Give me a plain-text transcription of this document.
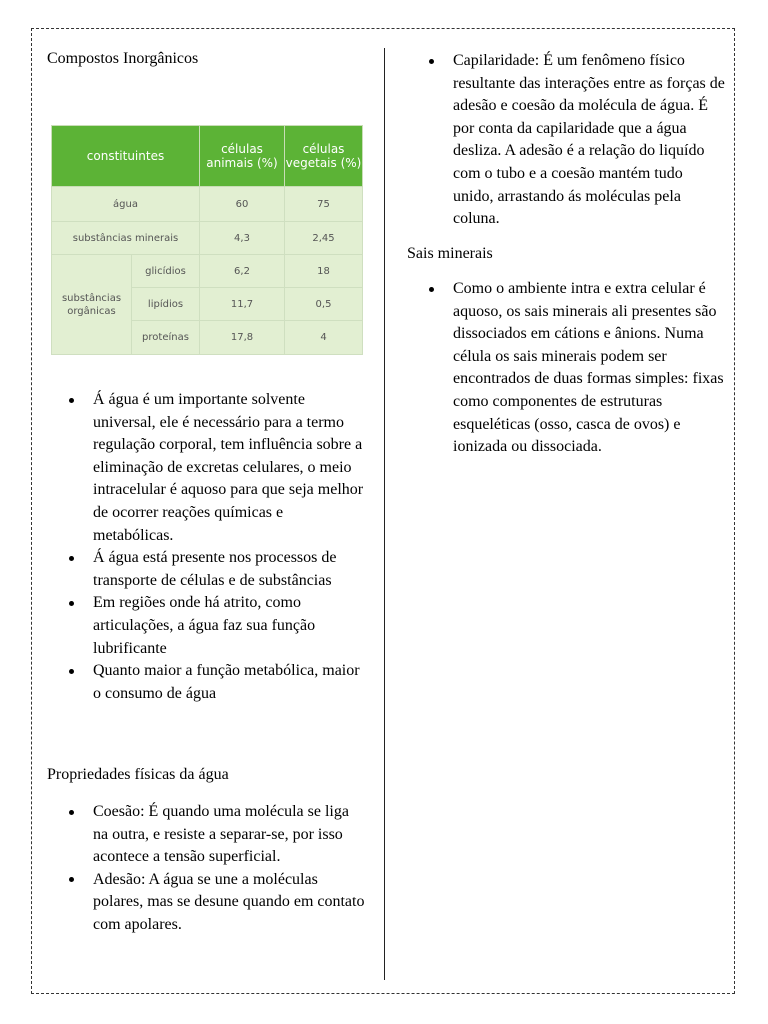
Compostos Inorgânicos

constituintes		células animais (%)	células vegetais (%)
água		60	75
substâncias minerais		4,3	2,45
substâncias orgânicas	glicídios	6,2	18
	lipídios	11,7	0,5
	proteínas	17,8	4
Á água é um importante solvente universal, ele é necessário para a termo regulação corporal, tem influência sobre a eliminação de excretas celulares, o meio intracelular é aquoso para que seja melhor de ocorrer reações químicas e metabólicas.
Á água está presente nos processos de transporte de células e de substâncias
Em regiões onde há atrito, como articulações, a água faz sua função lubrificante
Quanto maior a função metabólica, maior o consumo de água

Propriedades físicas da água

Coesão: É quando uma molécula se liga na outra, e resiste a separar-se, por isso acontece a tensão superficial.
Adesão: A água se une a moléculas polares, mas se desune quando em contato com apolares.
Capilaridade: É um fenômeno físico resultante das interações entre as forças de adesão e coesão da molécula de água. É por conta da capilaridade que a água desliza. A adesão é a relação do liquído com o tubo e a coesão mantém tudo unido, arrastando ás moléculas pela coluna.

Sais minerais

Como o ambiente intra e extra celular é aquoso, os sais minerais ali presentes são dissociados em cátions e ânions. Numa célula os sais minerais podem ser encontrados de duas formas simples: fixas como componentes de estruturas esqueléticas (osso, casca de ovos) e ionizada ou dissociada.
